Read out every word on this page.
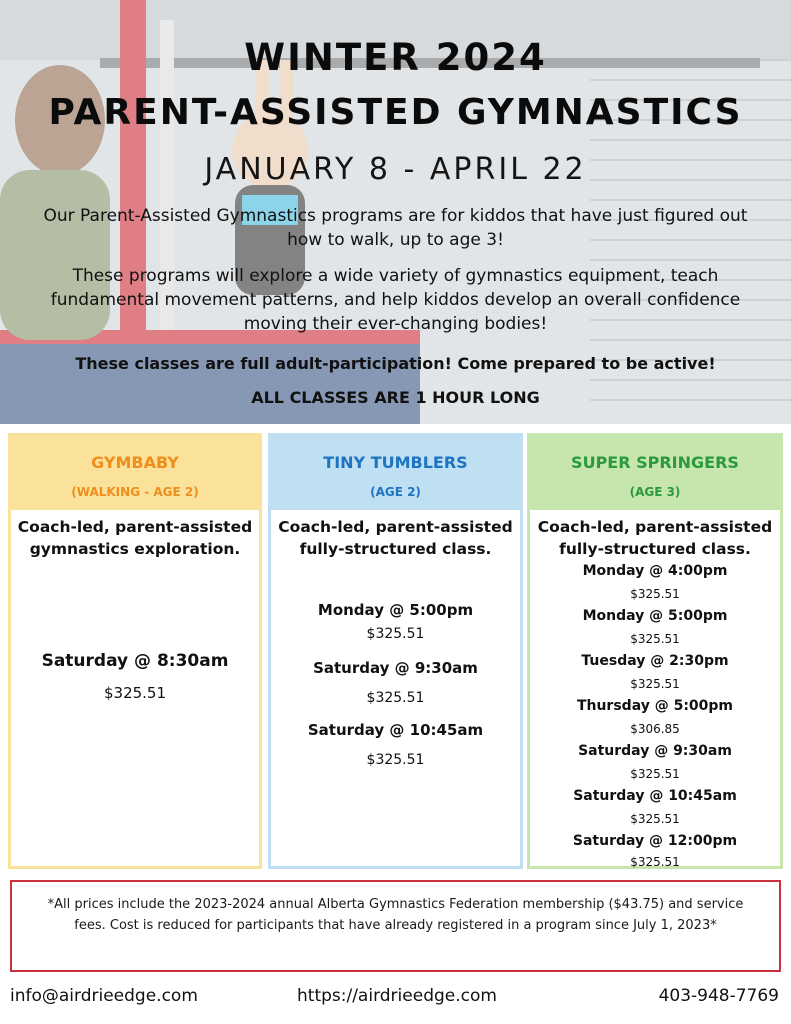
WINTER 2024
PARENT-ASSISTED GYMNASTICS
JANUARY 8 - APRIL 22
Our Parent-Assisted Gymnastics programs are for kiddos that have just figured out how to walk, up to age 3!
These programs will explore a wide variety of gymnastics equipment, teach fundamental movement patterns, and help kiddos develop an overall confidence moving their ever-changing bodies!
These classes are full adult-participation! Come prepared to be active!
ALL CLASSES ARE 1 HOUR LONG
GYMBABY
(WALKING - AGE 2)
Coach-led, parent-assisted gymnastics exploration.
Saturday @ 8:30am
$325.51
TINY TUMBLERS
(AGE 2)
Coach-led, parent-assisted fully-structured class.
Monday @ 5:00pm
$325.51
Saturday @ 9:30am
$325.51
Saturday @ 10:45am
$325.51
SUPER SPRINGERS
(AGE 3)
Coach-led, parent-assisted fully-structured class.
Monday @ 4:00pm
$325.51
Monday @ 5:00pm
$325.51
Tuesday @ 2:30pm
$325.51
Thursday @ 5:00pm
$306.85
Saturday @ 9:30am
$325.51
Saturday @ 10:45am
$325.51
Saturday @ 12:00pm
$325.51
*All prices include the 2023-2024 annual Alberta Gymnastics Federation membership ($43.75) and service fees. Cost is reduced for participants that have already registered in a program since July 1, 2023*
info@airdrieedge.com	https://airdrieedge.com	403-948-7769
